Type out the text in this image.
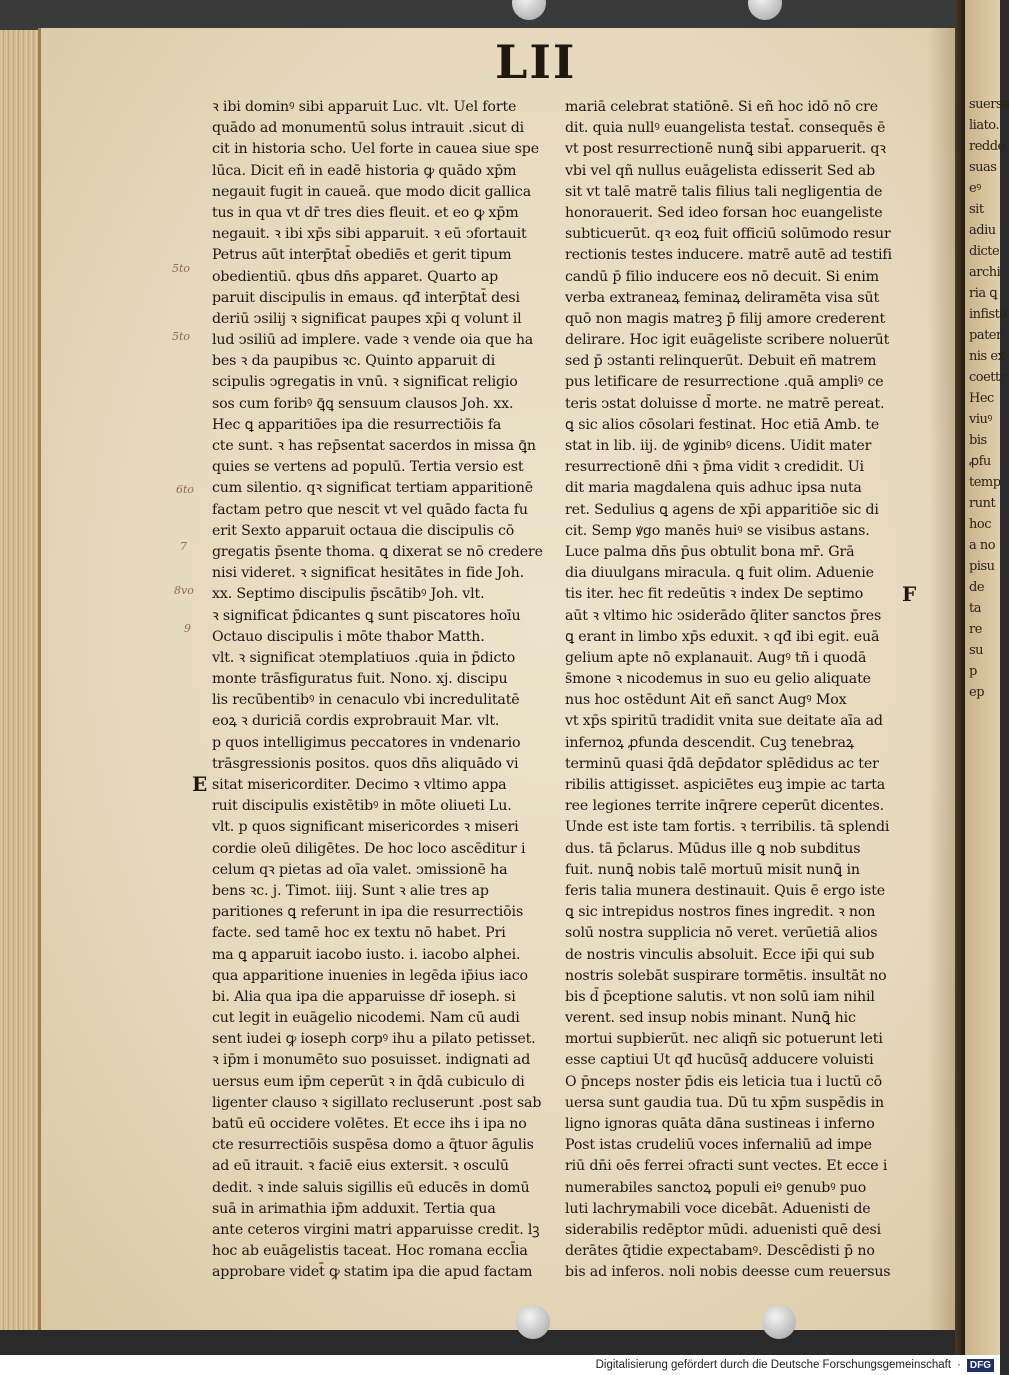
suerse
liato.
redde
suas
eꝰ
sit
adiu
dicte
archi
ria ꝗ
infiste
pater
nis ex
coettr
Hec
viuꝰ
bis
ꝓfu
temp
runt
hoc
a no
pisu
de
ta
re
su
p
ep
LII
ꝛ ibi dominꝰ sibi apparuit Luc. vlt. Uel forte
quādo ad monumentū solus intrauit .sicut di
cit in historia scho. Uel forte in cauea siue spe
lūca. Dicit eñ in eadē historia ꝙ quādo xp̄m
negauit fugit in caueā. que modo dicit gallica
tus in qua vt dr̄ tres dies fleuit. et eo ꝙ xp̄m
negauit. ꝛ ibi xp̄s sibi apparuit. ꝛ eū ↄfortauit
Petrus aūt interp̄tat̄ obediēs et gerit tipum
obedientiū. qbus dn̄s apparet. Quarto ap
paruit discipulis in emaus. qđ interp̄tat̄ desi
deriū ↄsilij ꝛ significat paupes xp̄i q volunt il
lud ↄsiliū ad implere. vade ꝛ vende oia que ha
bes ꝛ da paupibus ꝛc. Quinto apparuit di
scipulis ↄgregatis in vnū. ꝛ significat religio
sos cum foribꝰ ꝗ̄ꝗ sensuum clausos Joh. xx.
Hec ꝗ apparitiōes ipa die resurrectiōis fa
cte sunt. ꝛ has rep̄sentat sacerdos in missa ꝗ̄n
quies se vertens ad populū. Tertia versio est
cum silentio. qꝛ significat tertiam apparitionē
factam petro que nescit vt vel quādo facta fu
erit Sexto apparuit octaua die discipulis cō
gregatis p̄sente thoma. ꝗ dixerat se nō credere
nisi videret. ꝛ significat hesitātes in fide Joh.
xx. Septimo discipulis p̄scātibꝰ Joh. vlt.
ꝛ significat p̄dicantes ꝗ sunt piscatores hoīu
Octauo discipulis i mōte thabor Matth.
vlt. ꝛ significat ↄtemplatiuos .quia in p̄dicto
monte trāsfiguratus fuit. Nono. xj. discipu
lis recūbentibꝰ in cenaculo vbi incredulitatē
eoꝝ ꝛ duriciā cordis exprobrauit Mar. vlt.
p quos intelligimus peccatores in vndenario
trāsgressionis positos. quos dn̄s aliquādo vi
sitat misericorditer. Decimo ꝛ vltimo appa
ruit discipulis existētibꝰ in mōte oliueti Lu.
vlt. p quos significant misericordes ꝛ miseri
cordie oleū diligētes. De hoc loco ascēditur i
celum qꝛ pietas ad oīa valet. ↄmissionē ha
bens ꝛc. j. Timot. iiij. Sunt ꝛ alie tres ap
paritiones ꝗ referunt in ipa die resurrectiōis
facte. sed tamē hoc ex textu nō habet. Pri
ma ꝗ apparuit iacobo iusto. i. iacobo alphei.
qua apparitione inuenies in legēda ip̄ius iaco
bi. Alia qua ipa die apparuisse dr̄ ioseph. si
cut legit in euāgelio nicodemi. Nam cū audi
sent iudei ꝙ ioseph corpꝰ ihu a pilato petisset.
ꝛ ip̄m i monumēto suo posuisset. indignati ad
uersus eum ip̄m ceperūt ꝛ in q̄dā cubiculo di
ligenter clauso ꝛ sigillato recluserunt .post sab
batū eū occidere volētes. Et ecce ihs i ipa no
cte resurrectiōis suspēsa domo a q̄tuor āgulis
ad eū itrauit. ꝛ faciē eius extersit. ꝛ osculū
dedit. ꝛ inde saluis sigillis eū educēs in domū
suā in arimathia ip̄m adduxit. Tertia qua
ante ceteros virgini matri apparuisse credit. lꝫ
hoc ab euāgelistis taceat. Hoc romana eccl̄ia
approbare videt̄ ꝙ statim ipa die apud factam
mariā celebrat statiōnē. Si eñ hoc idō nō cre
dit. quia nullꝰ euangelista testat̄. consequēs ē
vt post resurrectionē nunꝗ̄ sibi apparuerit. qꝛ
vbi vel qñ nullus euāgelista edisserit Sed ab
sit vt talē matrē talis filius tali negligentia de
honorauerit. Sed ideo forsan hoc euangeliste
subticuerūt. qꝛ eoꝝ fuit officiū solūmodo resur
rectionis testes inducere. matrē autē ad testifi
candū p̄ filio inducere eos nō decuit. Si enim
verba extraneaꝝ feminaꝝ deliramēta visa sūt
quō non magis matreꝫ p̄ filij amore crederent
delirare. Hoc igit euāgeliste scribere noluerūt
sed p̄ ↄstanti relinquerūt. Debuit eñ matrem
pus letificare de resurrectione .quā ampliꝰ ce
teris ↄstat doluisse d̄ morte. ne matrē pereat.
ꝗ sic alios cōsolari festinat. Hoc etiā Amb. te
stat in lib. iij. de ꝟginibꝰ dicens. Uidit mater
resurrectionē dn̄i ꝛ p̄ma vidit ꝛ credidit. Ui
dit maria magdalena quis adhuc ipsa nuta
ret. Sedulius ꝗ agens de xp̄i apparitiōe sic di
cit. Semp ꝟgo manēs huiꝰ se visibus astans.
Luce palma dn̄s p̄us obtulit bona mr̄. Grā
dia diuulgans miracula. ꝗ fuit olim. Aduenie
tis iter. hec fit redeūtis ꝛ index De septimo
aūt ꝛ vltimo hic ↄsiderādo q̄liter sanctos p̄res
ꝗ erant in limbo xp̄s eduxit. ꝛ qđ ibi egit. euā
gelium apte nō explanauit. Augꝰ tñ i quodā
s̄mone ꝛ nicodemus in suo eu gelio aliquate
nus hoc ostēdunt Ait eñ sanct Augꝰ Mox
vt xp̄s spiritū tradidit vnita sue deitate aīa ad
infernoꝝ ꝓfunda descendit. Cuꝫ tenebraꝝ
terminū quasi q̄dā dep̄dator splēdidus ac ter
ribilis attigisset. aspiciētes euꝫ impie ac tarta
ree legiones territe inq̄rere ceperūt dicentes.
Unde est iste tam fortis. ꝛ terribilis. tā splendi
dus. tā p̄clarus. Mūdus ille ꝗ nob subditus
fuit. nunꝗ̄ nobis talē mortuū misit nunꝗ̄ in
feris talia munera destinauit. Quis ē ergo iste
ꝗ sic intrepidus nostros fines ingredit. ꝛ non
solū nostra supplicia nō veret. verūetiā alios
de nostris vinculis absoluit. Ecce ip̄i qui sub
nostris solebāt suspirare tormētis. insultāt no
bis d̄ p̄ceptione salutis. vt non solū iam nihil
verent. sed insup nobis minant. Nunꝗ̄ hic
mortui supbierūt. nec aliqñ sic potuerunt leti
esse captiui Ut qđ hucūsq̄ adducere voluisti
O p̄nceps noster p̄dis eis leticia tua i luctū cō
uersa sunt gaudia tua. Dū tu xp̄m suspēdis in
ligno ignoras quāta dāna sustineas i inferno
Post istas crudeliū voces infernaliū ad impe
riū dn̄i oēs ferrei ↄfracti sunt vectes. Et ecce i
numerabiles sanctoꝝ populi eiꝰ genubꝰ puo
luti lachrymabili voce dicebāt. Aduenisti de
siderabilis redēptor mūdi. aduenisti quē desi
derātes q̄tidie expectabamꝰ. Descēdisti p̄ no
bis ad inferos. noli nobis deesse cum reuersus
5to
5to
6to
7
8vo
9
E
F
Digitalisierung gefördert durch die Deutsche Forschungsgemeinschaft · DFG
